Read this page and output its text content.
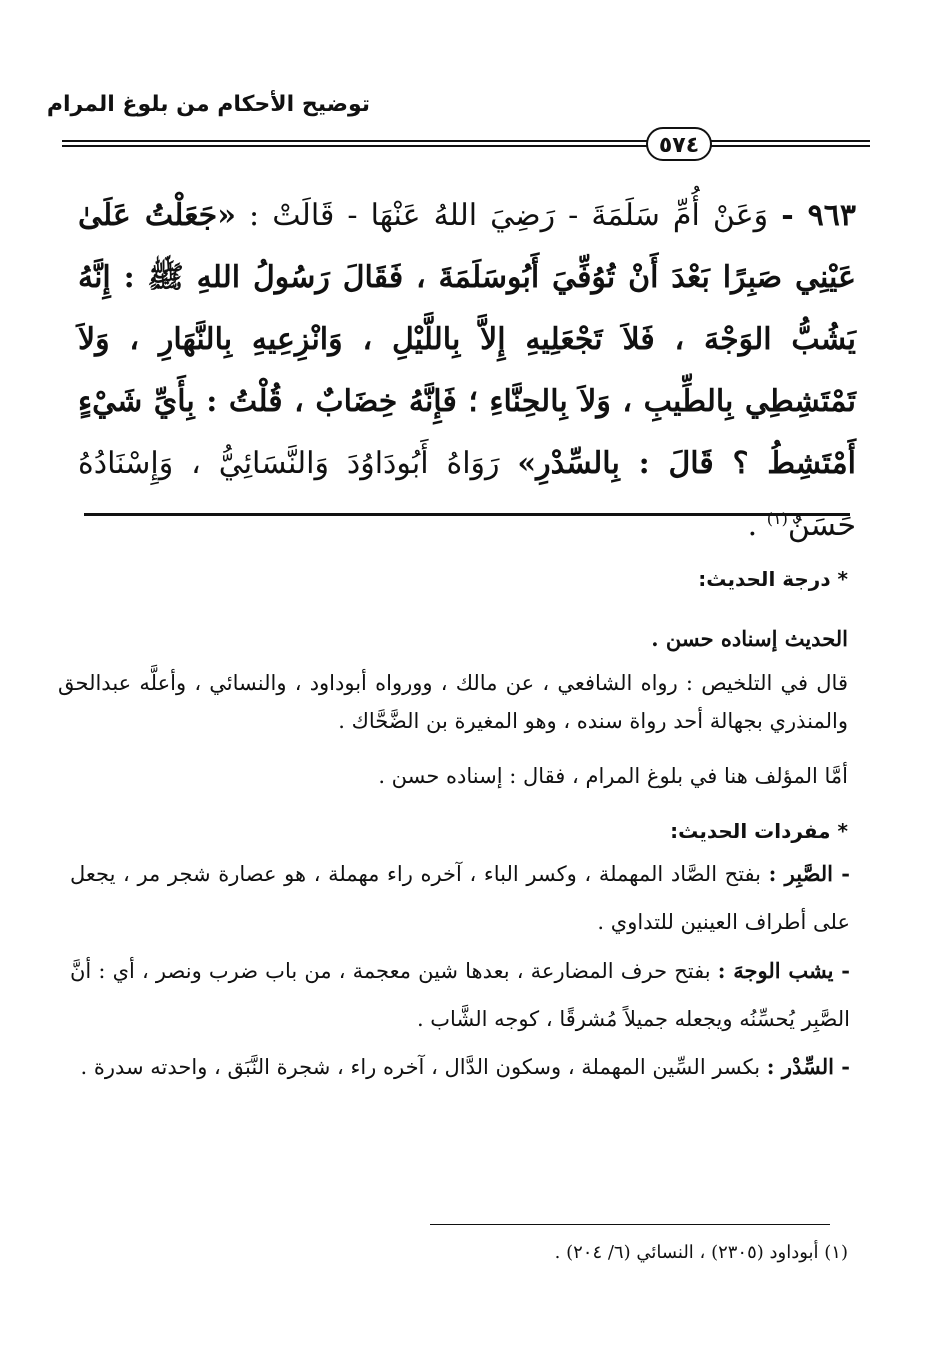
توضيح الأحكام من بلوغ المرام
٥٧٤
٩٦٣ - وَعَنْ أُمِّ سَلَمَةَ - رَضِيَ اللهُ عَنْهَا - قَالَتْ : «جَعَلْتُ عَلَىٰ عَيْنِي صَبِرًا بَعْدَ أَنْ تُوُفِّيَ أَبُوسَلَمَةَ ، فَقَالَ رَسُولُ اللهِ ﷺ : إِنَّهُ يَشُبُّ الوَجْهَ ، فَلاَ تَجْعَلِيهِ إِلاَّ بِاللَّيْلِ ، وَانْزِعِيهِ بِالنَّهَارِ ، وَلاَ تَمْتَشِطِي بِالطِّيبِ ، وَلاَ بِالحِنَّاءِ ؛ فَإِنَّهُ خِضَابٌ ، قُلْتُ : بِأَيِّ شَيْءٍ أَمْتَشِطُ ؟ قَالَ : بِالسِّدْرِ» رَوَاهُ أَبُودَاوُدَ وَالنَّسَائِيُّ ، وَإِسْنَادُهُ حَسَنٌ$^{(١)}$ .
* درجة الحديث:
الحديث إسناده حسن .
قال في التلخيص : رواه الشافعي ، عن مالك ، وورواه أبوداود ، والنسائي ، وأعلَّه عبدالحق والمنذري بجهالة أحد رواة سنده ، وهو المغيرة بن الضَّحَّاك .
أمَّا المؤلف هنا في بلوغ المرام ، فقال : إسناده حسن .
* مفردات الحديث:
- الصَّبِر : بفتح الصَّاد المهملة ، وكسر الباء ، آخره راء مهملة ، هو عصارة شجر مر ، يجعل على أطراف العينين للتداوي .
- يشب الوجهَ : بفتح حرف المضارعة ، بعدها شين معجمة ، من باب ضرب ونصر ، أي : أنَّ الصَّبِر يُحسِّنُه ويجعله جميلاً مُشرقًا ، كوجه الشَّاب .
- السِّدْر : بكسر السِّين المهملة ، وسكون الدَّال ، آخره راء ، شجرة النَّبَق ، واحدته سدرة .
(١) أبوداود (٢٣٠٥) ، النسائي (٦/ ٢٠٤) .
